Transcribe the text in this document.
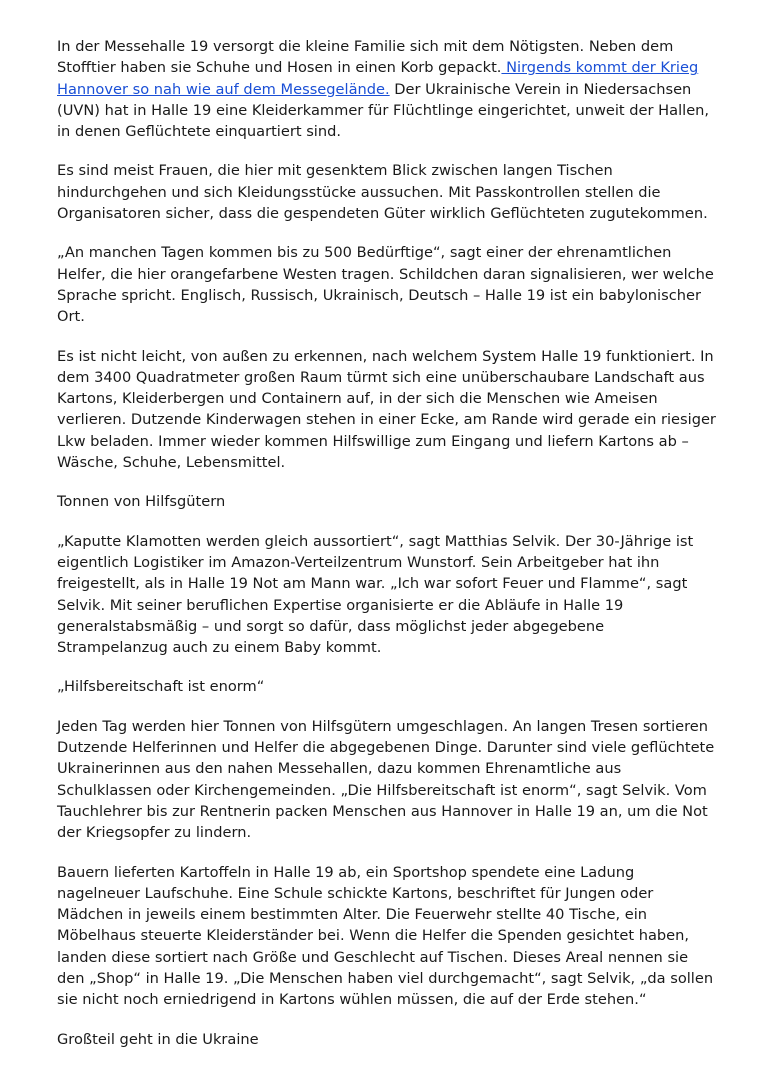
In der Messehalle 19 versorgt die kleine Familie sich mit dem Nötigsten. Neben dem Stofftier haben sie Schuhe und Hosen in einen Korb gepackt. Nirgends kommt der Krieg Hannover so nah wie auf dem Messegelände. Der Ukrainische Verein in Niedersachsen (UVN) hat in Halle 19 eine Kleiderkammer für Flüchtlinge eingerichtet, unweit der Hallen, in denen Geflüchtete einquartiert sind.

Es sind meist Frauen, die hier mit gesenktem Blick zwischen langen Tischen hindurchgehen und sich Kleidungsstücke aussuchen. Mit Passkontrollen stellen die Organisatoren sicher, dass die gespendeten Güter wirklich Geflüchteten zugutekommen.

„An manchen Tagen kommen bis zu 500 Bedürftige“, sagt einer der ehrenamtlichen Helfer, die hier orangefarbene Westen tragen. Schildchen daran signalisieren, wer welche Sprache spricht. Englisch, Russisch, Ukrainisch, Deutsch – Halle 19 ist ein babylonischer Ort.

Es ist nicht leicht, von außen zu erkennen, nach welchem System Halle 19 funktioniert. In dem 3400 Quadratmeter großen Raum türmt sich eine unüberschaubare Landschaft aus Kartons, Kleiderbergen und Containern auf, in der sich die Menschen wie Ameisen verlieren. Dutzende Kinderwagen stehen in einer Ecke, am Rande wird gerade ein riesiger Lkw beladen. Immer wieder kommen Hilfswillige zum Eingang und liefern Kartons ab – Wäsche, Schuhe, Lebensmittel.

Tonnen von Hilfsgütern

„Kaputte Klamotten werden gleich aussortiert“, sagt Matthias Selvik. Der 30-Jährige ist eigentlich Logistiker im Amazon-Verteilzentrum Wunstorf. Sein Arbeitgeber hat ihn freigestellt, als in Halle 19 Not am Mann war. „Ich war sofort Feuer und Flamme“, sagt Selvik. Mit seiner beruflichen Expertise organisierte er die Abläufe in Halle 19 generalstabsmäßig – und sorgt so dafür, dass möglichst jeder abgegebene Strampelanzug auch zu einem Baby kommt.

„Hilfsbereitschaft ist enorm“

Jeden Tag werden hier Tonnen von Hilfsgütern umgeschlagen. An langen Tresen sortieren Dutzende Helferinnen und Helfer die abgegebenen Dinge. Darunter sind viele geflüchtete Ukrainerinnen aus den nahen Messehallen, dazu kommen Ehrenamtliche aus Schulklassen oder Kirchengemeinden. „Die Hilfsbereitschaft ist enorm“, sagt Selvik. Vom Tauchlehrer bis zur Rentnerin packen Menschen aus Hannover in Halle 19 an, um die Not der Kriegsopfer zu lindern.

Bauern lieferten Kartoffeln in Halle 19 ab, ein Sportshop spendete eine Ladung nagelneuer Laufschuhe. Eine Schule schickte Kartons, beschriftet für Jungen oder Mädchen in jeweils einem bestimmten Alter. Die Feuerwehr stellte 40 Tische, ein Möbelhaus steuerte Kleiderständer bei. Wenn die Helfer die Spenden gesichtet haben, landen diese sortiert nach Größe und Geschlecht auf Tischen. Dieses Areal nennen sie den „Shop“ in Halle 19. „Die Menschen haben viel durchgemacht“, sagt Selvik, „da sollen sie nicht noch erniedrigend in Kartons wühlen müssen, die auf der Erde stehen.“

Großteil geht in die Ukraine
